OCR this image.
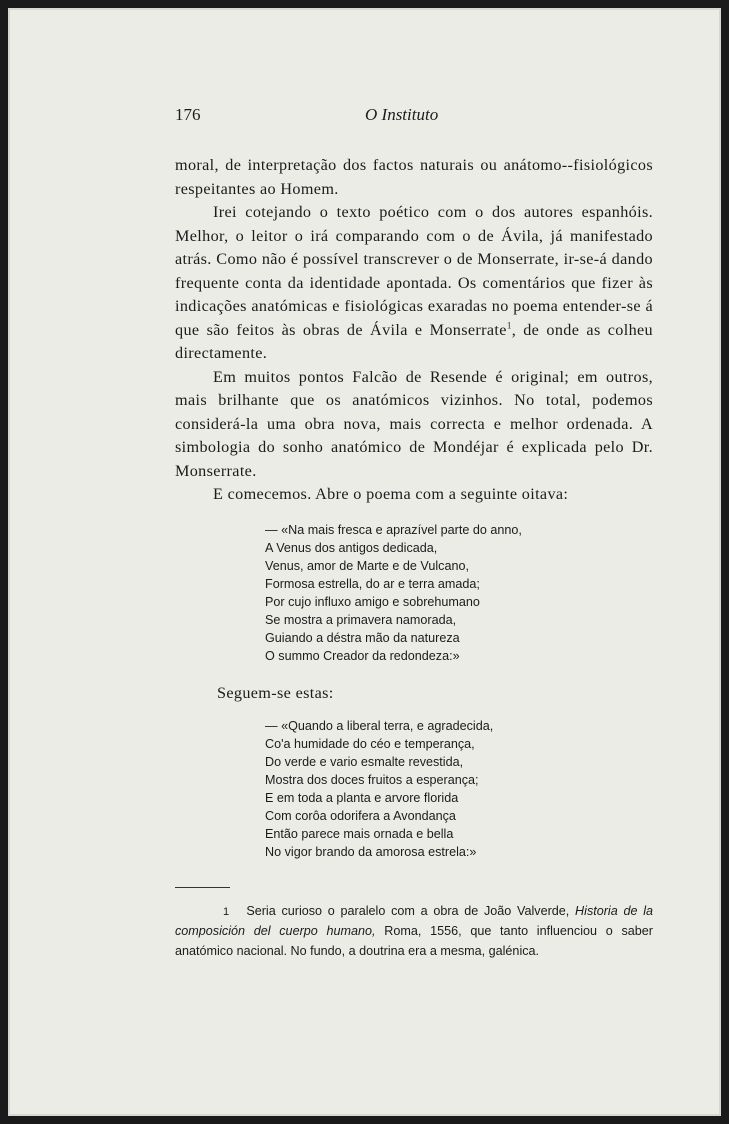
176	O Instituto

moral, de interpretação dos factos naturais ou anátomo--fisiológicos respeitantes ao Homem.

Irei cotejando o texto poético com o dos autores espanhóis. Melhor, o leitor o irá comparando com o de Ávila, já manifestado atrás. Como não é possível transcrever o de Monserrate, ir-se-á dando frequente conta da identidade apontada. Os comentários que fizer às indicações anatómicas e fisiológicas exaradas no poema entender-se á que são feitos às obras de Ávila e Monserrate$^1$, de onde as colheu directamente.

Em muitos pontos Falcão de Resende é original; em outros, mais brilhante que os anatómicos vizinhos. No total, podemos considerá-la uma obra nova, mais correcta e melhor ordenada. A simbologia do sonho anatómico de Mondéjar é explicada pelo Dr. Monserrate.

E comecemos. Abre o poema com a seguinte oitava:

— «Na mais fresca e aprazível parte do anno,
A Venus dos antigos dedicada,
Venus, amor de Marte e de Vulcano,
Formosa estrella, do ar e terra amada;
Por cujo influxo amigo e sobrehumano
Se mostra a primavera namorada,
Guiando a déstra mão da natureza
O summo Creador da redondeza:»
Seguem-se estas:
— «Quando a liberal terra, e agradecida,
Co'a humidade do céo e temperança,
Do verde e vario esmalte revestida,
Mostra dos doces fruitos a esperança;
E em toda a planta e arvore florida
Com corôa odorifera a Avondança
Então parece mais ornada e bella
No vigor brando da amorosa estrela:»
1 Seria curioso o paralelo com a obra de João Valverde, Historia de la composición del cuerpo humano, Roma, 1556, que tanto influenciou o saber anatómico nacional. No fundo, a doutrina era a mesma, galénica.
